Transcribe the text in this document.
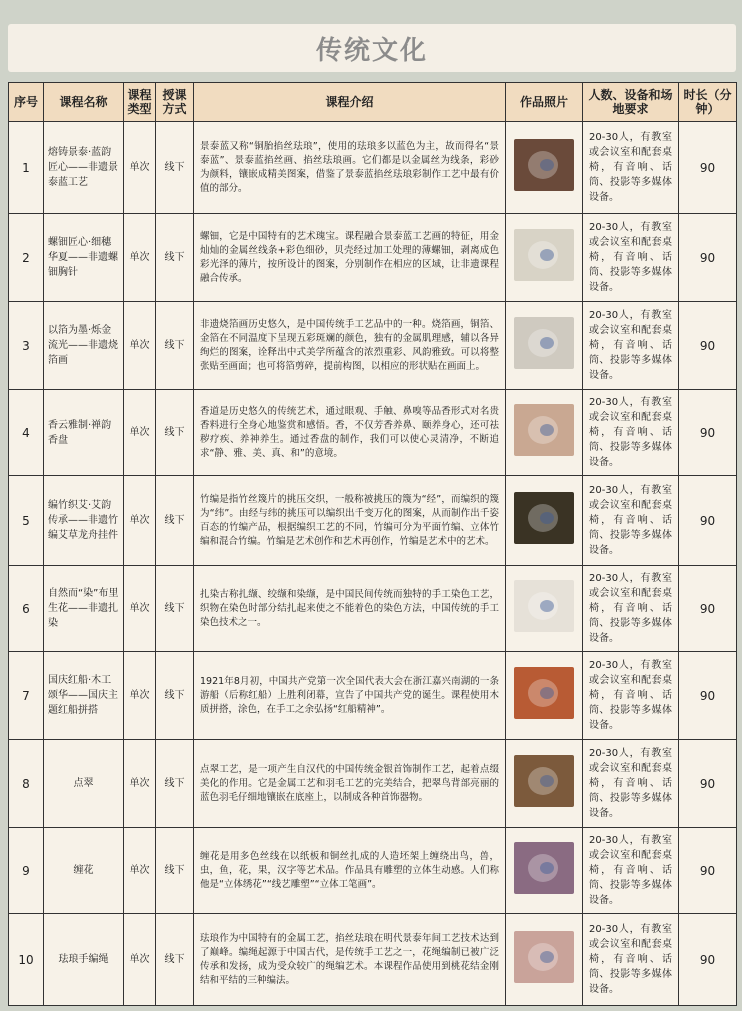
传统文化
序号	课程名称	课程类型	授课方式	课程介绍	作品照片	人数、设备和场地要求	时长（分钟）
1	熔铸景泰·蓝韵匠心——非遗景泰蓝工艺	单次	线下	景泰蓝又称“铜胎掐丝珐琅”，使用的珐琅多以蓝色为主，故而得名“景泰蓝”、景泰蓝掐丝画、掐丝珐琅画。它们都是以金属丝为线条，彩砂为颜料，镶嵌成精美图案，借鉴了景泰蓝掐丝珐琅彩制作工艺中最有价值的部分。		20-30人，有教室或会议室和配套桌椅，有音响、话筒、投影等多媒体设备。	90
2	螺钿匠心·细穗华夏——非遗螺钿胸针	单次	线下	螺钿，它是中国特有的艺术瑰宝。课程融合景泰蓝工艺画的特征，用金灿灿的金属丝线条+彩色细砂，贝壳经过加工处理的薄螺钿，剥离成色彩光泽的薄片，按所设计的图案，分别制作在相应的区域，让非遗课程融合传承。		20-30人，有教室或会议室和配套桌椅，有音响、话筒、投影等多媒体设备。	90
3	以箔为墨·烁金流光——非遗烧箔画	单次	线下	非遗烧箔画历史悠久，是中国传统手工艺品中的一种。烧箔画，铜箔、金箔在不同温度下呈现五彩斑斓的颜色，独有的金属肌理感，辅以各异绚烂的图案，诠释出中式美学所蕴含的浓烈重彩、风韵雅致。可以将整张贴至画面；也可将箔剪碎，提前构图，以相应的形状贴在画面上。		20-30人，有教室或会议室和配套桌椅，有音响、话筒、投影等多媒体设备。	90
4	香云雅制·禅韵香盘	单次	线下	香道是历史悠久的传统艺术，通过眼观、手触、鼻嗅等品香形式对名贵香料进行全身心地鉴赏和感悟。香，不仅芳香养鼻、颐养身心，还可祛秽疗疾、养神养生。通过香盘的制作，我们可以使心灵清净，不断追求“静、雅、美、真、和”的意境。		20-30人，有教室或会议室和配套桌椅，有音响、话筒、投影等多媒体设备。	90
5	编竹织艾·艾韵传承——非遗竹编艾草龙舟挂件	单次	线下	竹编是指竹丝篾片的挑压交织，一般称被挑压的篾为“经”，而编织的篾为“纬”。由经与纬的挑压可以编织出千变万化的图案，从而制作出千姿百态的竹编产品，根据编织工艺的不同，竹编可分为平面竹编、立体竹编和混合竹编。竹编是艺术创作和艺术再创作，竹编是艺术中的艺术。		20-30人，有教室或会议室和配套桌椅，有音响、话筒、投影等多媒体设备。	90
6	自然而“染”布里生花——非遗扎染	单次	线下	扎染古称扎缬、绞缬和染缬，是中国民间传统而独特的手工染色工艺，织物在染色时部分结扎起来使之不能着色的染色方法，中国传统的手工染色技术之一。		20-30人，有教室或会议室和配套桌椅，有音响、话筒、投影等多媒体设备。	90
7	国庆红船·木工颂华——国庆主题红船拼搭	单次	线下	1921年8月初，中国共产党第一次全国代表大会在浙江嘉兴南湖的一条游船（后称红船）上胜利闭幕，宣告了中国共产党的诞生。课程使用木质拼搭，涂色，在手工之余弘扬“红船精神”。		20-30人，有教室或会议室和配套桌椅，有音响、话筒、投影等多媒体设备。	90
8	点翠	单次	线下	点翠工艺，是一项产生自汉代的中国传统金银首饰制作工艺，起着点缀美化的作用。它是金属工艺和羽毛工艺的完美结合，把翠鸟背部亮丽的蓝色羽毛仔细地镶嵌在底座上，以制成各种首饰器物。		20-30人，有教室或会议室和配套桌椅，有音响、话筒、投影等多媒体设备。	90
9	缠花	单次	线下	缠花是用多色丝线在以纸板和铜丝扎成的人造坯架上缠绕出鸟，兽，虫，鱼，花，果，汉字等艺术品。作品具有雕塑的立体生动感。人们称他是“立体绣花”“线艺雕塑”“立体工笔画”。		20-30人，有教室或会议室和配套桌椅，有音响、话筒、投影等多媒体设备。	90
10	珐琅手编绳	单次	线下	珐琅作为中国特有的金属工艺，掐丝珐琅在明代景泰年间工艺技术达到了巅峰。编绳起源于中国古代，是传统手工艺之一，花绳编制已被广泛传承和发扬，成为受众较广的绳编艺术。本课程作品使用到桃花结金刚结和平结的三种编法。		20-30人，有教室或会议室和配套桌椅，有音响、话筒、投影等多媒体设备。	90
